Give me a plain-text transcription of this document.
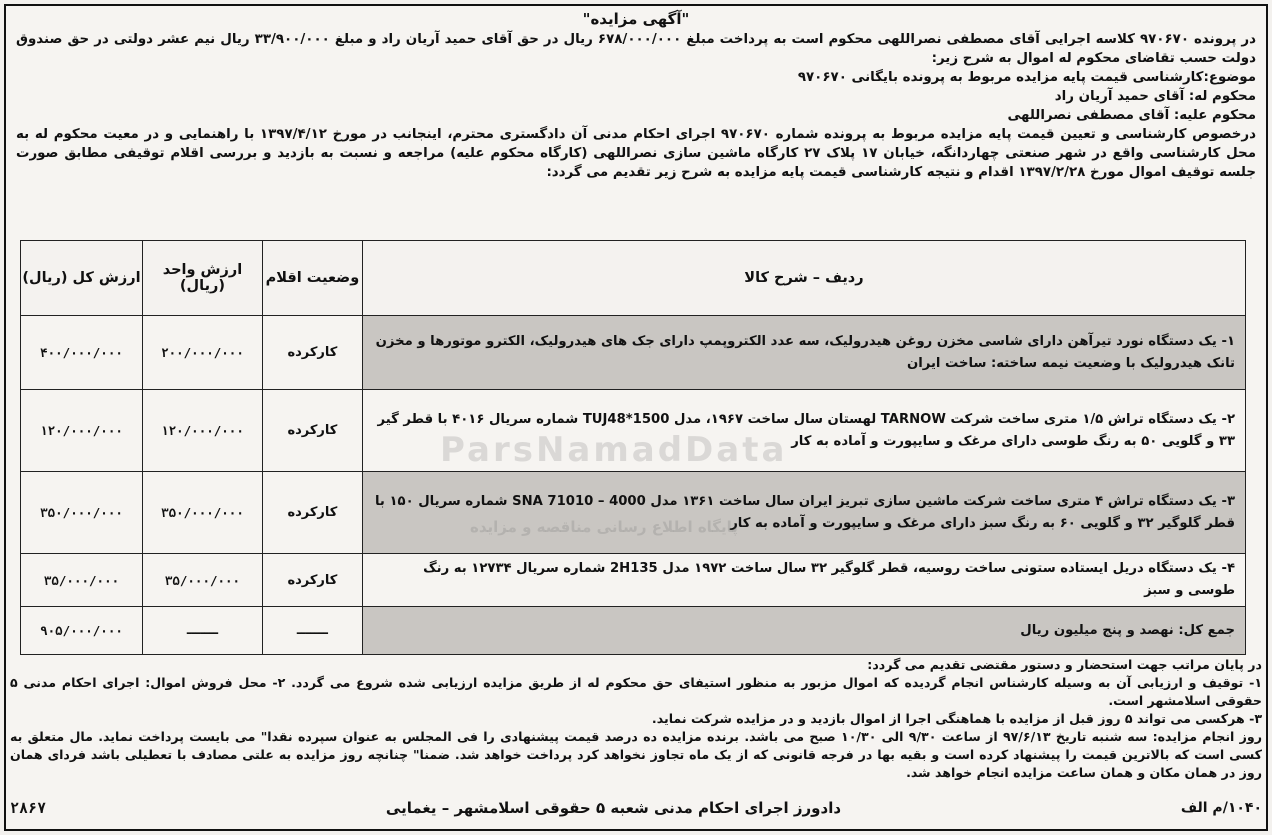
"آگهی مزایده"

در پرونده ۹۷۰۶۷۰ کلاسه اجرایی آقای مصطفی نصراللهی محکوم است به پرداخت مبلغ ۶۷۸/۰۰۰/۰۰۰ ریال در حق آقای حمید آریان راد و مبلغ ۳۳/۹۰۰/۰۰۰ ریال نیم عشر دولتی در حق صندوق دولت حسب تقاضای محکوم له اموال به شرح زیر:

موضوع:کارشناسی قیمت پایه مزایده مربوط به پرونده بایگانی ۹۷۰۶۷۰

محکوم له: آقای حمید آریان راد

محکوم علیه: آقای مصطفی نصراللهی

درخصوص کارشناسی و تعیین قیمت پایه مزایده مربوط به پرونده شماره ۹۷۰۶۷۰ اجرای احکام مدنی آن دادگستری محترم، اینجانب در مورخ ۱۳۹۷/۴/۱۲ با راهنمایی و در معیت محکوم له به محل کارشناسی واقع در شهر صنعتی چهاردانگه، خیابان ۱۷ پلاک ۲۷ کارگاه ماشین سازی نصراللهی (کارگاه محکوم علیه) مراجعه و نسبت به بازدید و بررسی اقلام توقیفی مطابق صورت جلسه توقیف اموال مورخ ۱۳۹۷/۲/۲۸ اقدام و نتیجه کارشناسی قیمت پایه مزایده به شرح زیر تقدیم می گردد:

ردیف – شرح کالا	وضعیت اقلام	ارزش واحد (ریال)	ارزش کل (ریال)
۱- یک دستگاه نورد تیرآهن دارای شاسی مخزن روغن هیدرولیک، سه عدد الکتروپمپ دارای جک های هیدرولیک، الکترو موتورها و مخزن تانک هیدرولیک با وضعیت نیمه ساخته: ساخت ایران	کارکرده	۲۰۰/۰۰۰/۰۰۰	۴۰۰/۰۰۰/۰۰۰
۲- یک دستگاه تراش ۱/۵ متری ساخت شرکت TARNOW لهستان سال ساخت ۱۹۶۷، مدل TUJ48*1500 شماره سریال ۴۰۱۶ با قطر گیر ۳۳ و گلویی ۵۰ به رنگ طوسی دارای مرغک و سایپورت و آماده به کار	کارکرده	۱۲۰/۰۰۰/۰۰۰	۱۲۰/۰۰۰/۰۰۰
۳- یک دستگاه تراش ۴ متری ساخت شرکت ماشین سازی تبریز ایران سال ساخت ۱۳۶۱ مدل SNA 71010 – 4000 شماره سریال ۱۵۰ با قطر گلوگیر ۳۲ و گلویی ۶۰ به رنگ سبز دارای مرغک و سایپورت و آماده به کار	کارکرده	۳۵۰/۰۰۰/۰۰۰	۳۵۰/۰۰۰/۰۰۰
۴- یک دستگاه دریل ایستاده ستونی ساخت روسیه، قطر گلوگیر ۳۲ سال ساخت ۱۹۷۲ مدل 2H135 شماره سریال ۱۲۷۳۴ به رنگ طوسی و سبز	کارکرده	۳۵/۰۰۰/۰۰۰	۳۵/۰۰۰/۰۰۰
جمع کل: نهصد و پنج میلیون ریال	ـــــــ	ـــــــ	۹۰۵/۰۰۰/۰۰۰
ParsNamadData
پایگاه اطلاع رسانی مناقصه و مزایده

در پایان مراتب جهت استحضار و دستور مقتضی تقدیم می گردد:

۱- توقیف و ارزیابی آن به وسیله کارشناس انجام گردیده که اموال مزبور به منظور استیفای حق محکوم له از طریق مزایده ارزیابی شده شروع می گردد. ۲- محل فروش اموال: اجرای احکام مدنی ۵ حقوقی اسلامشهر است.

۳- هرکسی می تواند ۵ روز قبل از مزایده با هماهنگی اجرا از اموال بازدید و در مزایده شرکت نماید.

روز انجام مزایده: سه شنبه تاریخ ۹۷/۶/۱۳ از ساعت ۹/۳۰ الی ۱۰/۳۰ صبح می باشد. برنده مزایده ده درصد قیمت پیشنهادی را فی المجلس به عنوان سپرده نقدا" می بایست پرداخت نماید. مال متعلق به کسی است که بالاترین قیمت را پیشنهاد کرده است و بقیه بها در فرجه قانونی که از یک ماه تجاوز نخواهد کرد پرداخت خواهد شد. ضمنا" چنانچه روز مزایده به علتی مصادف با تعطیلی باشد فردای همان روز در همان مکان و همان ساعت مزایده انجام خواهد شد.

۱۰۴۰/م الف
دادورز اجرای احکام مدنی شعبه ۵ حقوقی اسلامشهر – یغمایی
۲۸۶۷
